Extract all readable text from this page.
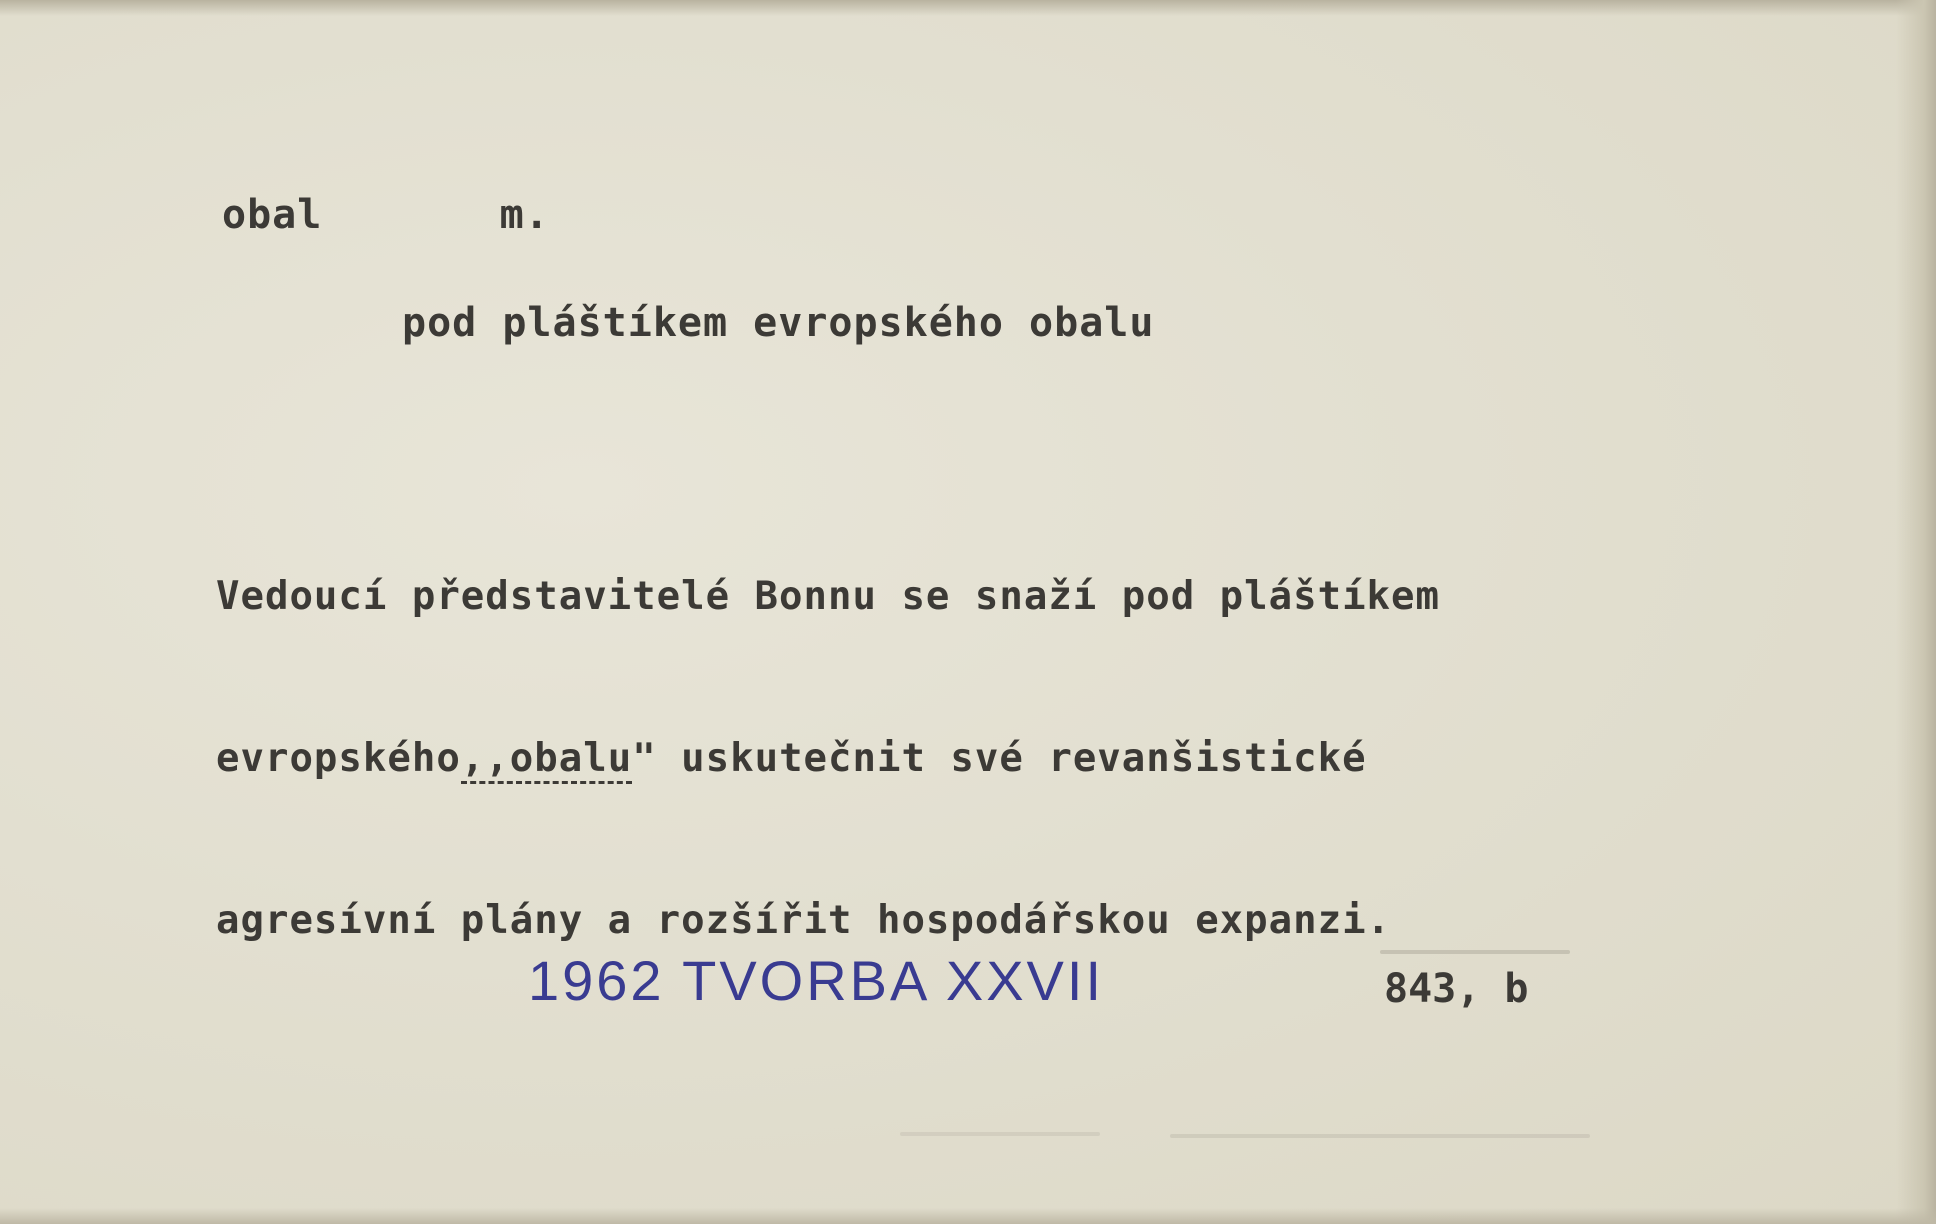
obal   m.
pod pláštíkem evropského obalu

Vedoucí představitelé Bonnu se snaží pod pláštíkem

evropského,,obalu" uskutečnit své revanšistické

agresívní plány a rozšířit hospodářskou expanzi.

1962 TVORBA XXVII	843, b
